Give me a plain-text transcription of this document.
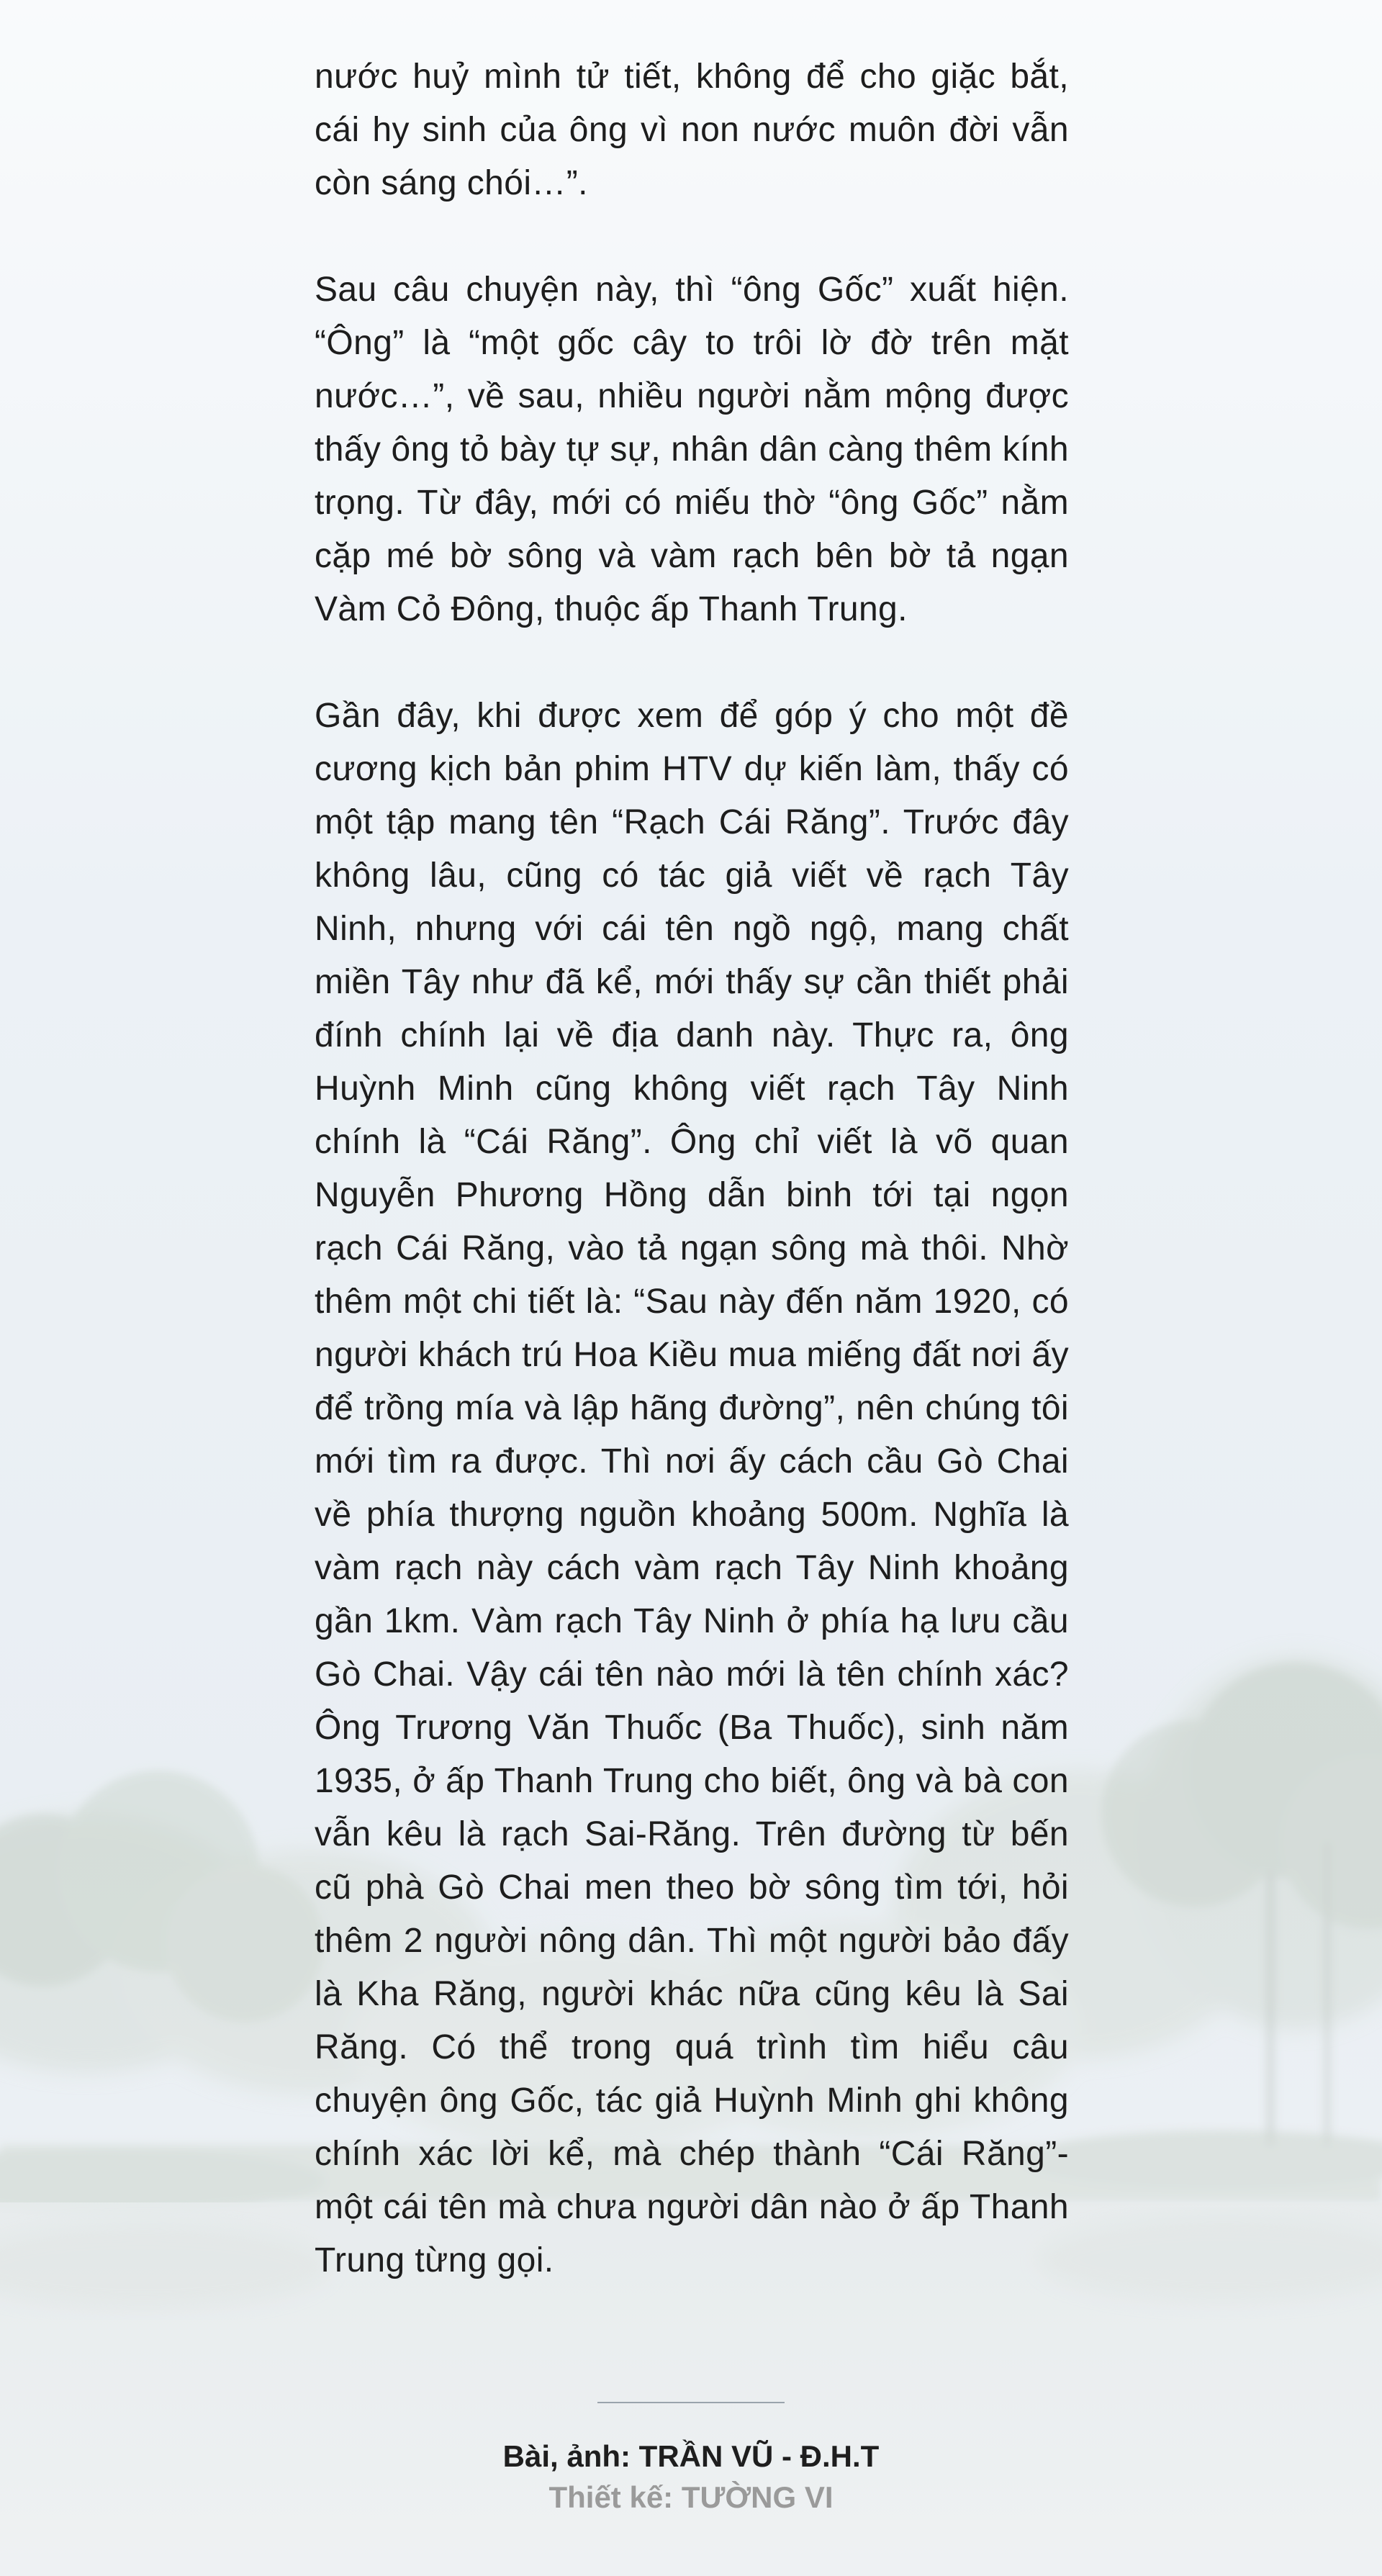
nước huỷ mình tử tiết, không để cho giặc bắt, cái hy sinh của ông vì non nước muôn đời vẫn còn sáng chói…”.

Sau câu chuyện này, thì “ông Gốc” xuất hiện. “Ông” là “một gốc cây to trôi lờ đờ trên mặt nước…”, về sau, nhiều người nằm mộng được thấy ông tỏ bày tự sự, nhân dân càng thêm kính trọng. Từ đây, mới có miếu thờ “ông Gốc” nằm cặp mé bờ sông và vàm rạch bên bờ tả ngạn Vàm Cỏ Đông, thuộc ấp Thanh Trung.

Gần đây, khi được xem để góp ý cho một đề cương kịch bản phim HTV dự kiến làm, thấy có một tập mang tên “Rạch Cái Răng”. Trước đây không lâu, cũng có tác giả viết về rạch Tây Ninh, nhưng với cái tên ngồ ngộ, mang chất miền Tây như đã kể, mới thấy sự cần thiết phải đính chính lại về địa danh này. Thực ra, ông Huỳnh Minh cũng không viết rạch Tây Ninh chính là “Cái Răng”. Ông chỉ viết là võ quan Nguyễn Phương Hồng dẫn binh tới tại ngọn rạch Cái Răng, vào tả ngạn sông mà thôi. Nhờ thêm một chi tiết là: “Sau này đến năm 1920, có người khách trú Hoa Kiều mua miếng đất nơi ấy để trồng mía và lập hãng đường”, nên chúng tôi mới tìm ra được. Thì nơi ấy cách cầu Gò Chai về phía thượng nguồn khoảng 500m. Nghĩa là vàm rạch này cách vàm rạch Tây Ninh khoảng gần 1km. Vàm rạch Tây Ninh ở phía hạ lưu cầu Gò Chai. Vậy cái tên nào mới là tên chính xác? Ông Trương Văn Thuốc (Ba Thuốc), sinh năm 1935, ở ấp Thanh Trung cho biết, ông và bà con vẫn kêu là rạch Sai-Răng. Trên đường từ bến cũ phà Gò Chai men theo bờ sông tìm tới, hỏi thêm 2 người nông dân. Thì một người bảo đấy là Kha Răng, người khác nữa cũng kêu là Sai Răng. Có thể trong quá trình tìm hiểu câu chuyện ông Gốc, tác giả Huỳnh Minh ghi không chính xác lời kể, mà chép thành “Cái Răng”- một cái tên mà chưa người dân nào ở ấp Thanh Trung từng gọi.

Bài, ảnh: TRẦN VŨ - Đ.H.T
Thiết kế: TƯỜNG VI
